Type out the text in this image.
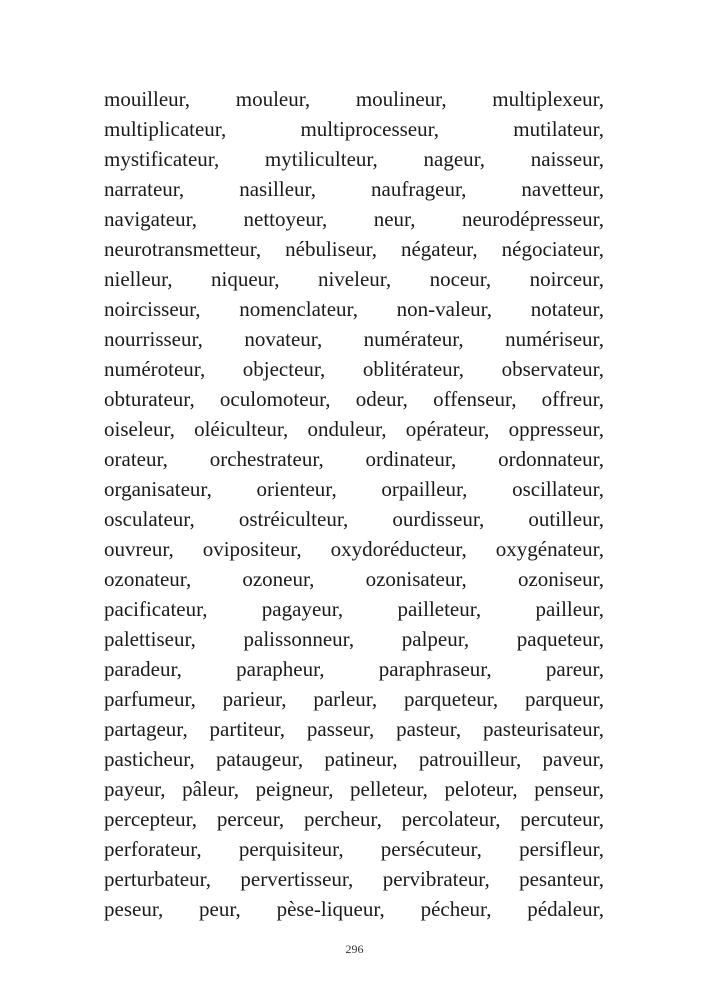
mouilleur, mouleur, moulineur, multiplexeur,
multiplicateur,	multiprocesseur,	mutilateur,
mystificateur, mytiliculteur, nageur, naisseur,
narrateur,	nasilleur,	naufrageur,	navetteur,
navigateur, nettoyeur, neur, neurodépresseur,
neurotransmetteur, nébuliseur, négateur, négociateur,
nielleur, niqueur, niveleur, noceur, noirceur,
noircisseur, nomenclateur, non-valeur, notateur,
nourrisseur, novateur, numérateur, numériseur,
numéroteur, objecteur, oblitérateur, observateur,
obturateur, oculomoteur, odeur, offenseur, offreur,
oiseleur, oléiculteur, onduleur, opérateur, oppresseur,
orateur, orchestrateur, ordinateur, ordonnateur,
organisateur, orienteur, orpailleur, oscillateur,
osculateur, ostréiculteur, ourdisseur, outilleur,
ouvreur, ovipositeur, oxydoréducteur, oxygénateur,
ozonateur, ozoneur, ozonisateur, ozoniseur,
pacificateur,	pagayeur,	pailleteur,	pailleur,
palettiseur, palissonneur, palpeur, paqueteur,
paradeur,	parapheur,	paraphraseur,	pareur,
parfumeur, parieur, parleur, parqueteur, parqueur,
partageur, partiteur, passeur, pasteur, pasteurisateur,
pasticheur, pataugeur, patineur, patrouilleur, paveur,
payeur, pâleur, peigneur, pelleteur, peloteur, penseur,
percepteur, perceur, percheur, percolateur, percuteur,
perforateur, perquisiteur, persécuteur, persifleur,
perturbateur, pervertisseur, pervibrateur, pesanteur,
peseur, peur, pèse-liqueur, pécheur, pédaleur,
296
